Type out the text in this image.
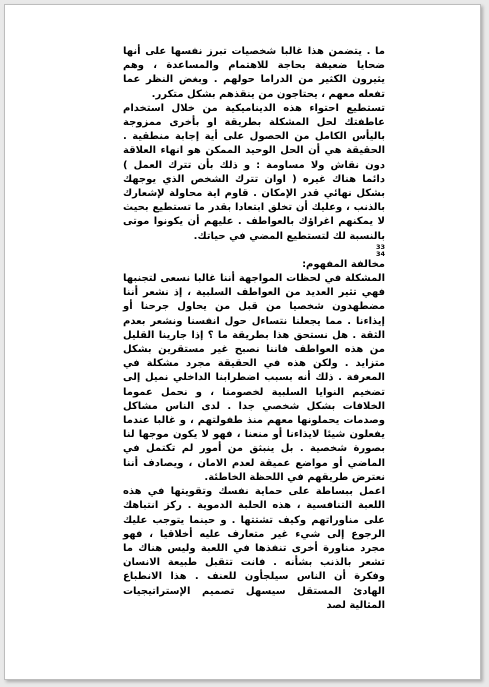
ما . يتضمن هذا غالبا شخصيات تبرز نفسها على أنها ضحايا ضعيفة بحاجة للاهتمام والمساعدة ، وهم يثيرون الكثير من الدراما حولهم . وبغض النظر عما تفعله معهم ، يحتاجون من ينقذهم بشكل متكرر.

تستطيع احتواء هذه الديناميكية من خلال استخدام عاطفتك لحل المشكلة بطريقة او بأخرى ممزوجة باليأس الكامل من الحصول على أية إجابة منطقية . الحقيقة هي أن الحل الوحيد الممكن هو انهاء العلاقة دون نقاش ولا مساومة : و ذلك بأن تترك العمل ) دائما هناك غيره ( اوان تترك الشخص الذي يوجهك بشكل نهائي قدر الإمكان . قاوم اية محاولة لإشعارك بالذنب ، وعليك أن تخلق ابتعادا بقدر ما تستطيع بحيث لا يمكنهم اغراؤك بالعواطف . عليهم أن يكونوا موتى بالنسبة لك لتستطيع المضي في حياتك.

33
34

مخالفة المفهوم:

المشكلة في لحظات المواجهة أننا غالبا نسعى لتجنبها فهي تثير العديد من العواطف السلبية ، إذ نشعر أننا مضطهدون شخصيا من قبل من يحاول جرحنا أو إيذاءنا . مما يجعلنا نتساءل حول انفسنا ونشعر بعدم الثقة . هل نستحق هذا بطريقة ما ؟ إذا جارينا القليل من هذه العواطف فاننا نصبح غير مستقرين بشكل متزايد . ولكن هذه في الحقيقة مجرد مشكلة في المعرفة . ذلك أنه بسبب اضطرابنا الداخلي نميل إلى تضخيم النوايا السلبية لخصومنا ، و نحمل عموما الخلافات بشكل شخصي جدا . لدى الناس مشاكل وصدمات يحملونها معهم منذ طفولتهم ، و غالبا عندما يفعلون شيئا لايذاءنا أو منعنا ، فهو لا يكون موجها لنا بصورة شخصية . بل ينبثق من أمور لم تكتمل في الماضي أو مواضع عميقة لعدم الامان ، ويصادف أننا نعترض طريقهم في اللحظة الخاطئة.

اعمل ببساطة على حماية نفسك وتقويتها في هذه اللعبة التنافسية ، هذه الحلبة الدموية . ركز انتباهك على مناوراتهم وكيف تشتتها . و حينما يتوجب عليك الرجوع إلى شيء غير متعارف عليه أخلاقيا ، فهو مجرد مناورة أخرى تنفذها في اللعبة وليس هناك ما تشعر بالذنب بشأنه . فانت تتقبل طبيعة الانسان وفكرة أن الناس سيلجأون للعنف . هذا الانطباع الهادئ المستقل سيسهل تصميم الإستراتيجيات المثالية لصد
